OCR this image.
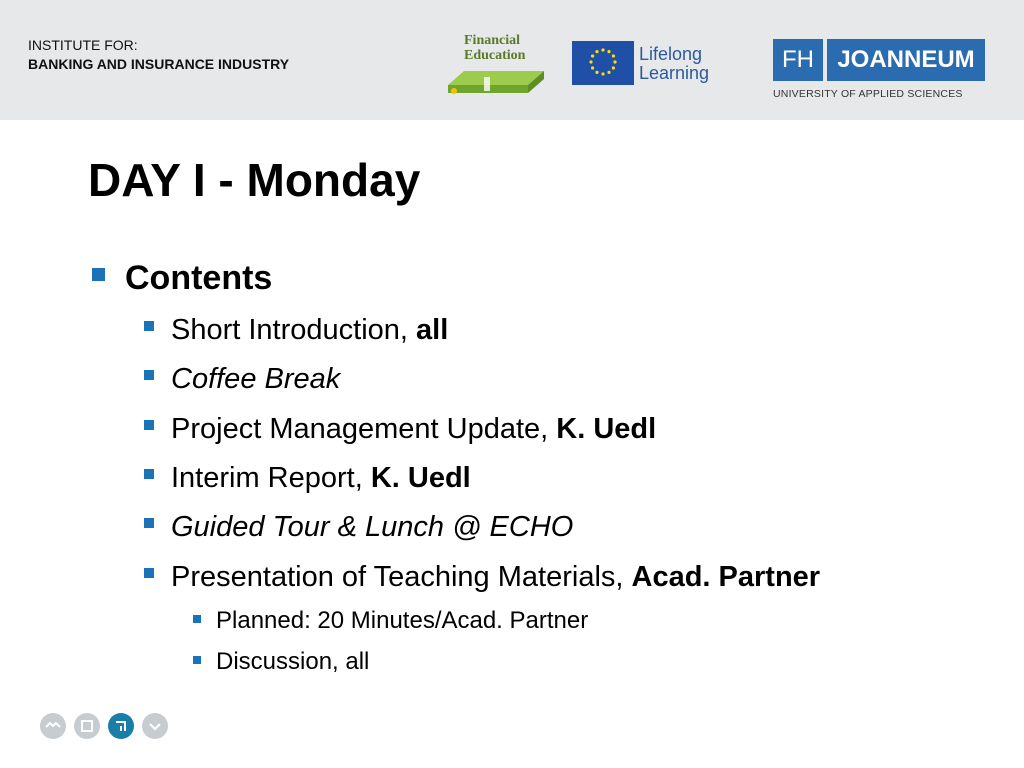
INSTITUTE FOR:
BANKING AND INSURANCE INDUSTRY
Financial
Education	Lifelong
Learning	FH JOANNEUM
UNIVERSITY OF APPLIED SCIENCES
DAY I - Monday
Contents
Short Introduction, all
Coffee Break
Project Management Update, K. Uedl
Interim Report, K. Uedl
Guided Tour & Lunch @ ECHO
Presentation of Teaching Materials, Acad. Partner
Planned: 20 Minutes/Acad. Partner
Discussion, all
